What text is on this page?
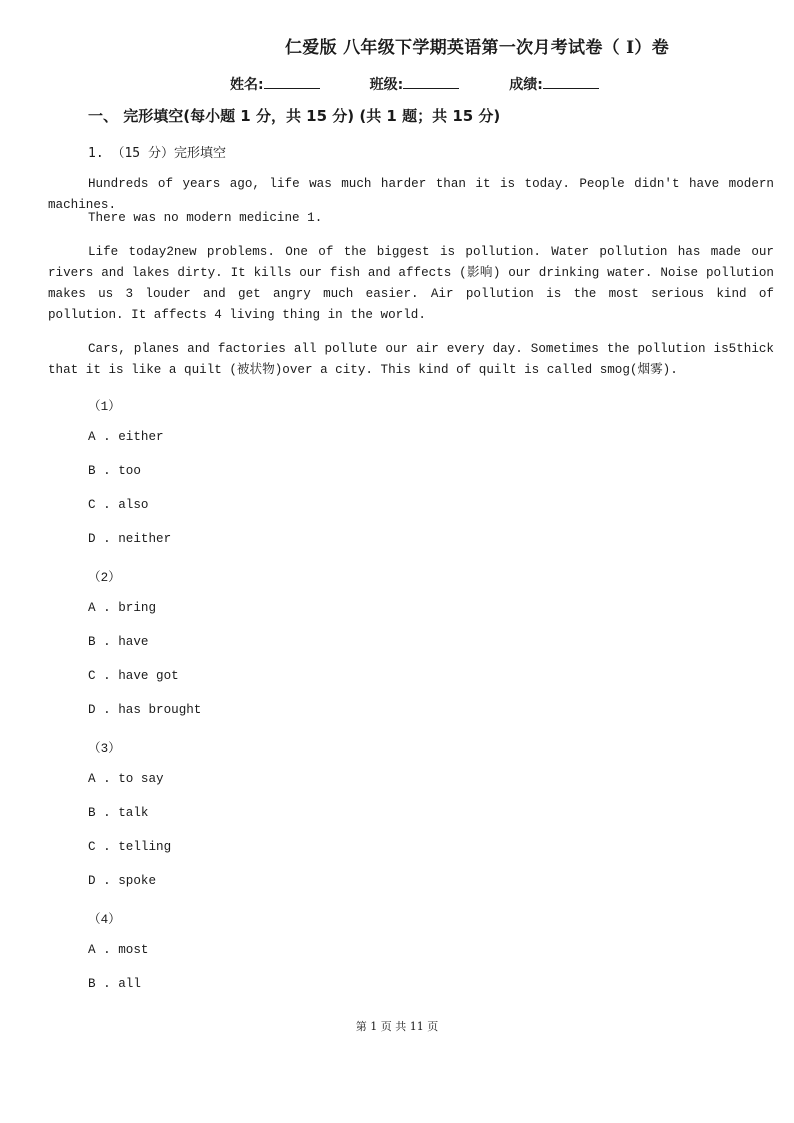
仁爱版 八年级下学期英语第一次月考试卷（ I）卷
姓名:	班级:	成绩:
一、 完形填空(每小题 1 分，共 15 分) (共 1 题；共 15 分)
1. （15 分）完形填空

Hundreds of years ago, life was much harder than it is today. People didn't have modern machines.

There was no modern medicine 1.

Life today2new problems. One of the biggest is pollution. Water pollution has made our rivers and lakes dirty. It kills our fish and affects (影响) our drinking water. Noise pollution makes us 3 louder and get angry much easier. Air pollution is the most serious kind of pollution. It affects 4 living thing in the world.

Cars, planes and factories all pollute our air every day. Sometimes the pollution is5thick that it is like a quilt (被状物)over a city. This kind of quilt is called smog(烟雾).

（1）
A . either
B . too
C . also
D . neither
（2）
A . bring
B . have
C . have got
D . has brought
（3）
A . to say
B . talk
C . telling
D . spoke
（4）
A . most
B . all
第 1 页 共 11 页
